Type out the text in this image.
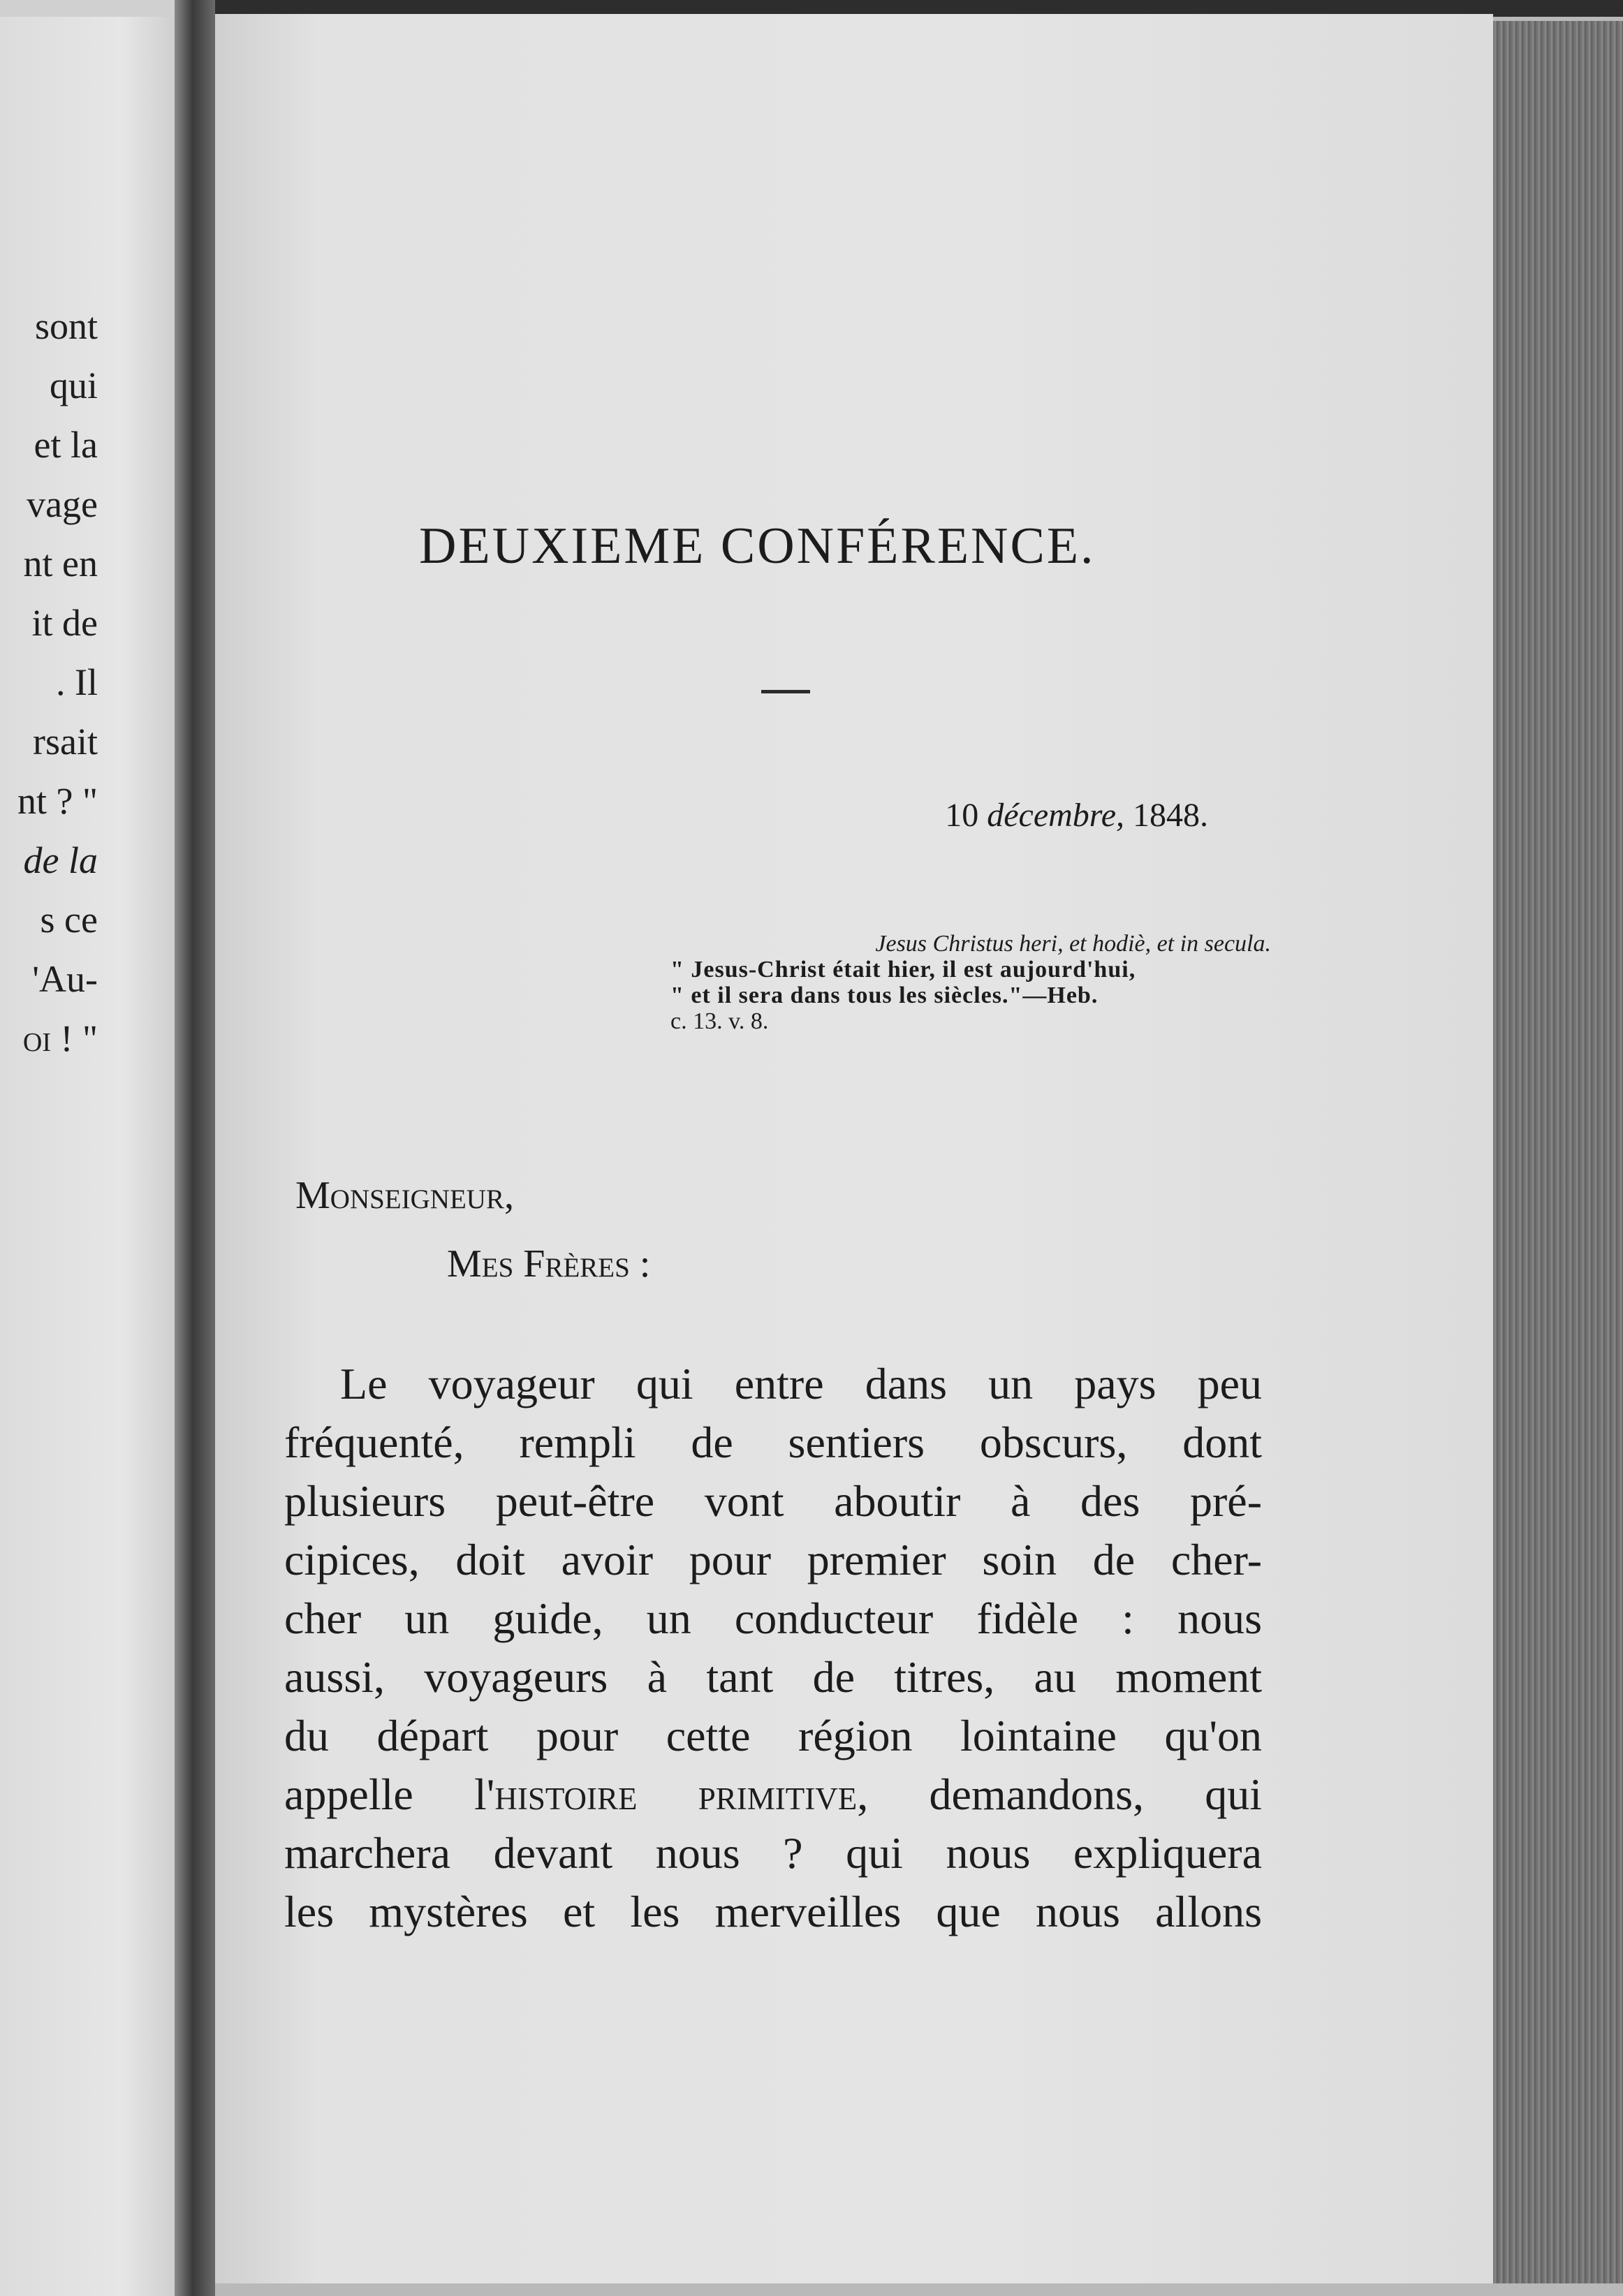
sont
qui
et la
vage
nt en
it de
. Il
rsait
nt ? "
de la
s ce
'Au-
oi ! "
DEUXIEME CONFÉRENCE.
10 décembre, 1848.
Jesus Christus heri, et hodiè, et in secula.
" Jesus-Christ était hier, il est aujourd'hui,
" et il sera dans tous les siècles."—Heb.
c. 13. v. 8.
Monseigneur,
Mes Frères :
Le voyageur qui entre dans un pays peu
fréquenté, rempli de sentiers obscurs, dont
plusieurs peut-être vont aboutir à des pré-
cipices, doit avoir pour premier soin de cher-
cher un guide, un conducteur fidèle : nous
aussi, voyageurs à tant de titres, au moment
du départ pour cette région lointaine qu'on
appelle l'histoire primitive, demandons, qui
marchera devant nous ? qui nous expliquera
les mystères et les merveilles que nous allons
